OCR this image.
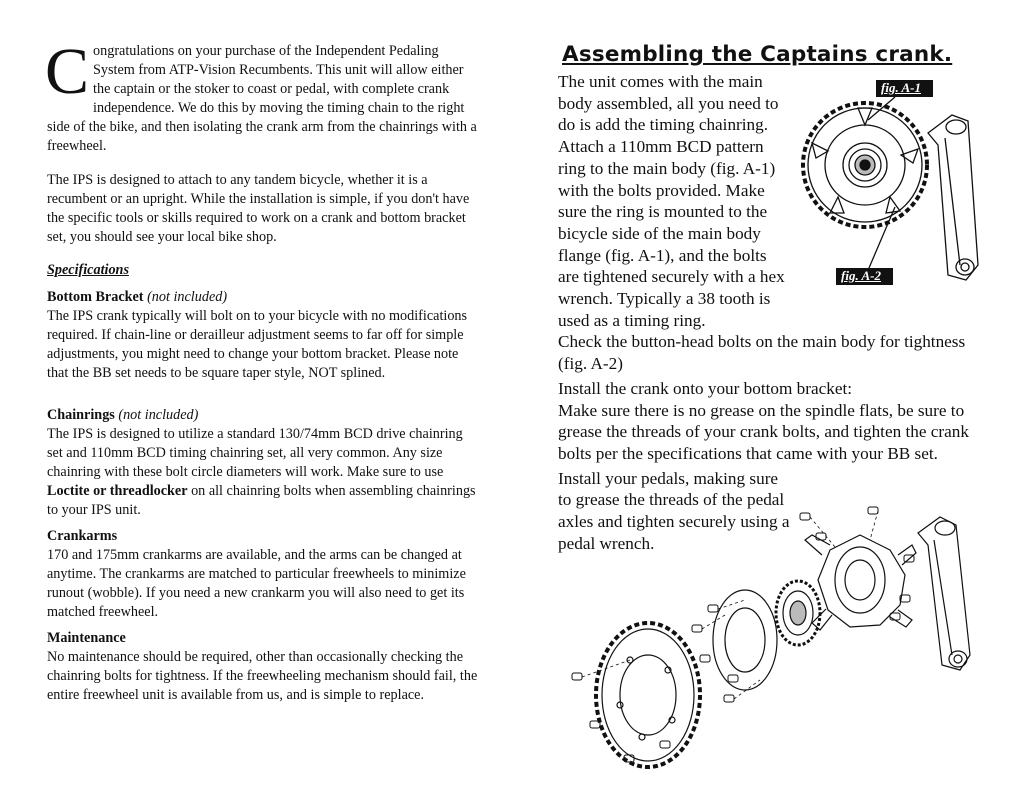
Congratulations on your purchase of the Independent Pedaling System from ATP-Vision Recumbents. This unit will allow either the captain or the stoker to coast or pedal, with complete crank independence. We do this by moving the timing chain to the right side of the bike, and then isolating the crank arm from the chainrings with a freewheel.

The IPS is designed to attach to any tandem bicycle, whether it is a recumbent or an upright. While the installation is simple, if you don't have the specific tools or skills required to work on a crank and bottom bracket set, you should see your local bike shop.

Specifications

Bottom Bracket (not included)

The IPS crank typically will bolt on to your bicycle with no modifications required. If chain-line or derailleur adjustment seems to far off for simple adjustments, you might need to change your bottom bracket. Please note that the BB set needs to be square taper style, NOT splined.

Chainrings (not included)

The IPS is designed to utilize a standard 130/74mm BCD drive chainring set and 110mm BCD timing chainring set, all very common. Any size chainring with these bolt circle diameters will work. Make sure to use Loctite or threadlocker on all chainring bolts when assembling chainrings to your IPS unit.

Crankarms

170 and 175mm crankarms are available, and the arms can be changed at anytime. The crankarms are matched to particular freewheels to minimize runout (wobble). If you need a new crankarm you will also need to get its matched freewheel.

Maintenance

No maintenance should be required, other than occasionally checking the chainring bolts for tightness. If the freewheeling mechanism should fail, the entire freewheel unit is available from us, and is simple to replace.

Assembling the Captains crank.

The unit comes with the main body assembled, all you need to do is add the timing chainring. Attach a 110mm BCD pattern ring to the main body (fig. A-1) with the bolts provided. Make sure the ring is mounted to the bicycle side of the main body flange (fig. A-1), and the bolts are tightened securely with a hex wrench. Typically a 38 tooth is used as a timing ring.

Check the button-head bolts on the main body for tightness (fig. A-2)

Install the crank onto your bottom bracket:

Make sure there is no grease on the spindle flats, be sure to grease the threads of your crank bolts, and tighten the crank bolts per the specifications that came with your BB set.

Install your pedals, making sure to grease the threads of the pedal axles and tighten securely using a pedal wrench.

fig. A-1
fig. A-2
